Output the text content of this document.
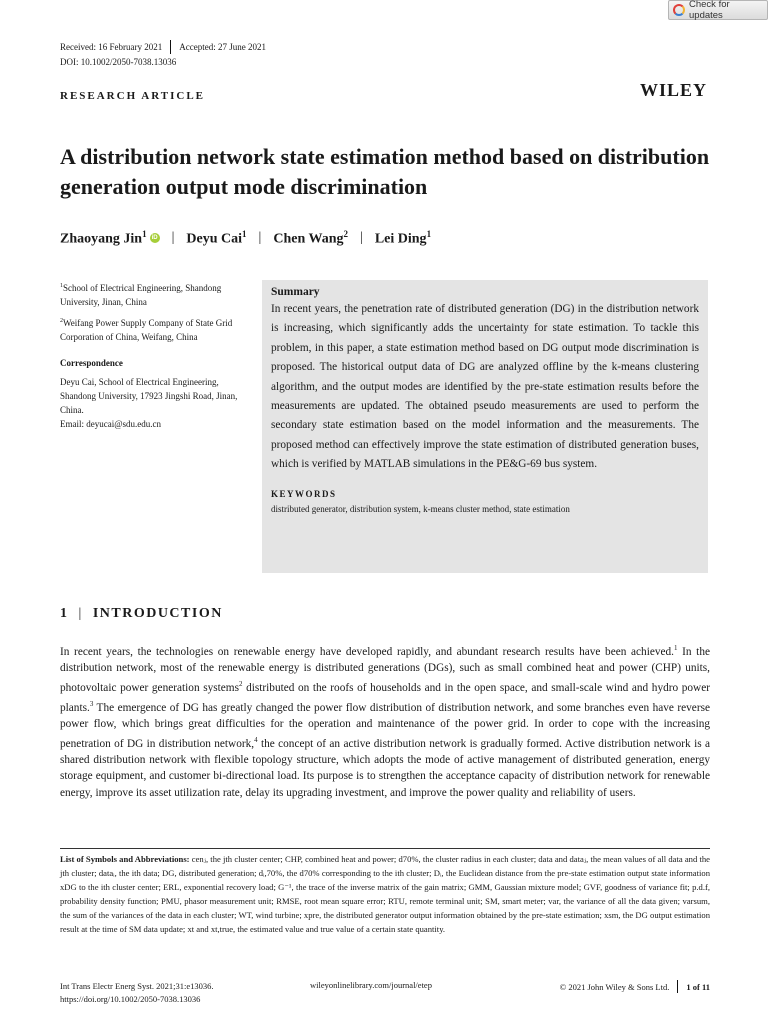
Check for updates
Received: 16 February 2021 Accepted: 27 June 2021
DOI: 10.1002/2050-7038.13036
RESEARCH ARTICLE	WILEY
A distribution network state estimation method based on distribution generation output mode discrimination
Zhaoyang Jin$^1$ iD | Deyu Cai$^1$ | Chen Wang$^2$ | Lei Ding$^1$

$^1$School of Electrical Engineering, Shandong University, Jinan, China

$^2$Weifang Power Supply Company of State Grid Corporation of China, Weifang, China

Correspondence

Deyu Cai, School of Electrical Engineering, Shandong University, 17923 Jingshi Road, Jinan, China.

Email: deyucai@sdu.edu.cn

Summary
In recent years, the penetration rate of distributed generation (DG) in the distribution network is increasing, which significantly adds the uncertainty for state estimation. To tackle this problem, in this paper, a state estimation method based on DG output mode discrimination is proposed. The historical output data of DG are analyzed offline by the k-means clustering algorithm, and the output modes are identified by the pre-state estimation results before the measurements are updated. The obtained pseudo measurements are used to perform the secondary state estimation based on the model information and the measurements. The proposed method can effectively improve the state estimation of distributed generation buses, which is verified by MATLAB simulations in the PE&G-69 bus system.
KEYWORDS
distributed generator, distribution system, k-means cluster method, state estimation
1 | INTRODUCTION

In recent years, the technologies on renewable energy have developed rapidly, and abundant research results have been achieved.$^1$ In the distribution network, most of the renewable energy is distributed generations (DGs), such as small combined heat and power (CHP) units, photovoltaic power generation systems$^2$ distributed on the roofs of households and in the open space, and small-scale wind and hydro power plants.$^3$ The emergence of DG has greatly changed the power flow distribution of distribution network, and some branches even have reverse power flow, which brings great difficulties for the operation and maintenance of the power grid. In order to cope with the increasing penetration of DG in distribution network,$^4$ the concept of an active distribution network is gradually formed. Active distribution network is a shared distribution network with flexible topology structure, which adopts the mode of active management of distributed generation, energy storage equipment, and customer bi-directional load. Its purpose is to strengthen the acceptance capacity of distribution network for renewable energy, improve its asset utilization rate, delay its upgrading investment, and improve the power quality and reliability of users.

List of Symbols and Abbreviations: cenⱼ, the jth cluster center; CHP, combined heat and power; d70%, the cluster radius in each cluster; data and dataⱼ, the mean values of all data and the jth cluster; dataᵢ, the ith data; DG, distributed generation; dᵢ,70%, the d70% corresponding to the ith cluster; Dᵢ, the Euclidean distance from the pre-state estimation output state information xDG to the ith cluster center; ERL, exponential recovery load; G⁻¹, the trace of the inverse matrix of the gain matrix; GMM, Gaussian mixture model; GVF, goodness of variance fit; p.d.f, probability density function; PMU, phasor measurement unit; RMSE, root mean square error; RTU, remote terminal unit; SM, smart meter; var, the variance of all the data given; varsum, the sum of the variances of the data in each cluster; WT, wind turbine; xpre, the distributed generator output information obtained by the pre-state estimation; xsm, the DG output estimation result at the time of SM data update; xt and xt,true, the estimated value and true value of a certain state quantity.
Int Trans Electr Energ Syst. 2021;31:e13036.
https://doi.org/10.1002/2050-7038.13036
wileyonlinelibrary.com/journal/etep	© 2021 John Wiley & Sons Ltd. 1 of 11
